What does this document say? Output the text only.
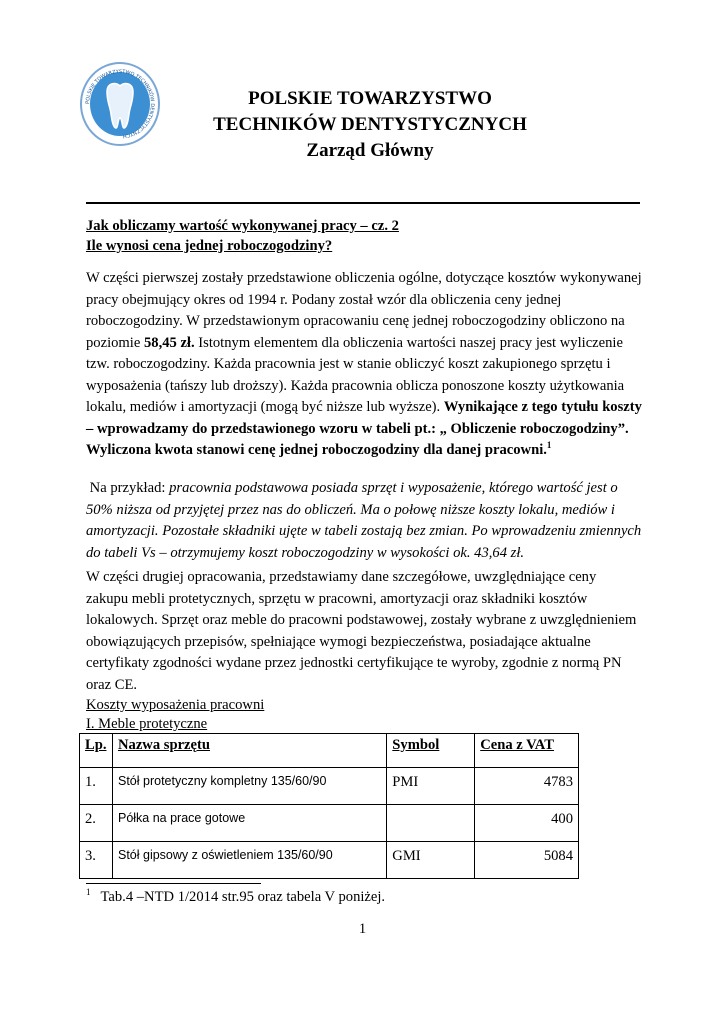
POLSKIE TOWARZYSTWO TECHNIKÓW DENTYSTYCZNYCH
POLSKIE TOWARZYSTWO
TECHNIKÓW DENTYSTYCZNYCH
Zarząd Główny
Jak obliczamy wartość wykonywanej pracy – cz. 2
Ile wynosi cena jednej roboczogodziny?
W części pierwszej zostały przedstawione obliczenia ogólne, dotyczące kosztów wykonywanej pracy obejmujący okres od 1994 r. Podany został wzór dla obliczenia ceny jednej roboczogodziny. W przedstawionym opracowaniu cenę jednej roboczogodziny obliczono na poziomie 58,45 zł. Istotnym elementem dla obliczenia wartości naszej pracy jest wyliczenie tzw. roboczogodziny. Każda pracownia jest w stanie obliczyć koszt zakupionego sprzętu i wyposażenia (tańszy lub droższy). Każda pracownia oblicza ponoszone koszty użytkowania lokalu, mediów i amortyzacji (mogą być niższe lub wyższe). Wynikające z tego tytułu koszty – wprowadzamy do przedstawionego wzoru w tabeli pt.: „ Obliczenie roboczogodziny”. Wyliczona kwota stanowi cenę jednej roboczogodziny dla danej pracowni.$^1$
Na przykład: pracownia podstawowa posiada sprzęt i wyposażenie, którego wartość jest o 50% niższa od przyjętej przez nas do obliczeń. Ma o połowę niższe koszty lokalu, mediów i amortyzacji. Pozostałe składniki ujęte w tabeli zostają bez zmian. Po wprowadzeniu zmiennych do tabeli Vs – otrzymujemy koszt roboczogodziny w wysokości ok. 43,64 zł.
W części drugiej opracowania, przedstawiamy dane szczegółowe, uwzględniające ceny zakupu mebli protetycznych, sprzętu w pracowni, amortyzacji oraz składniki kosztów lokalowych. Sprzęt oraz meble do pracowni podstawowej, zostały wybrane z uwzględnieniem obowiązujących przepisów, spełniające wymogi bezpieczeństwa, posiadające aktualne certyfikaty zgodności wydane przez jednostki certyfikujące te wyroby, zgodnie z normą PN oraz CE.
Koszty wyposażenia pracowni
I. Meble protetyczne
Lp.	Nazwa sprzętu	Symbol	Cena z VAT
1.	Stół protetyczny kompletny 135/60/90	PMI	4783
2.	Półka na prace gotowe		400
3.	Stół gipsowy z oświetleniem 135/60/90	GMI	5084
$^1$ Tab.4 –NTD 1/2014 str.95 oraz tabela V poniżej.
1
